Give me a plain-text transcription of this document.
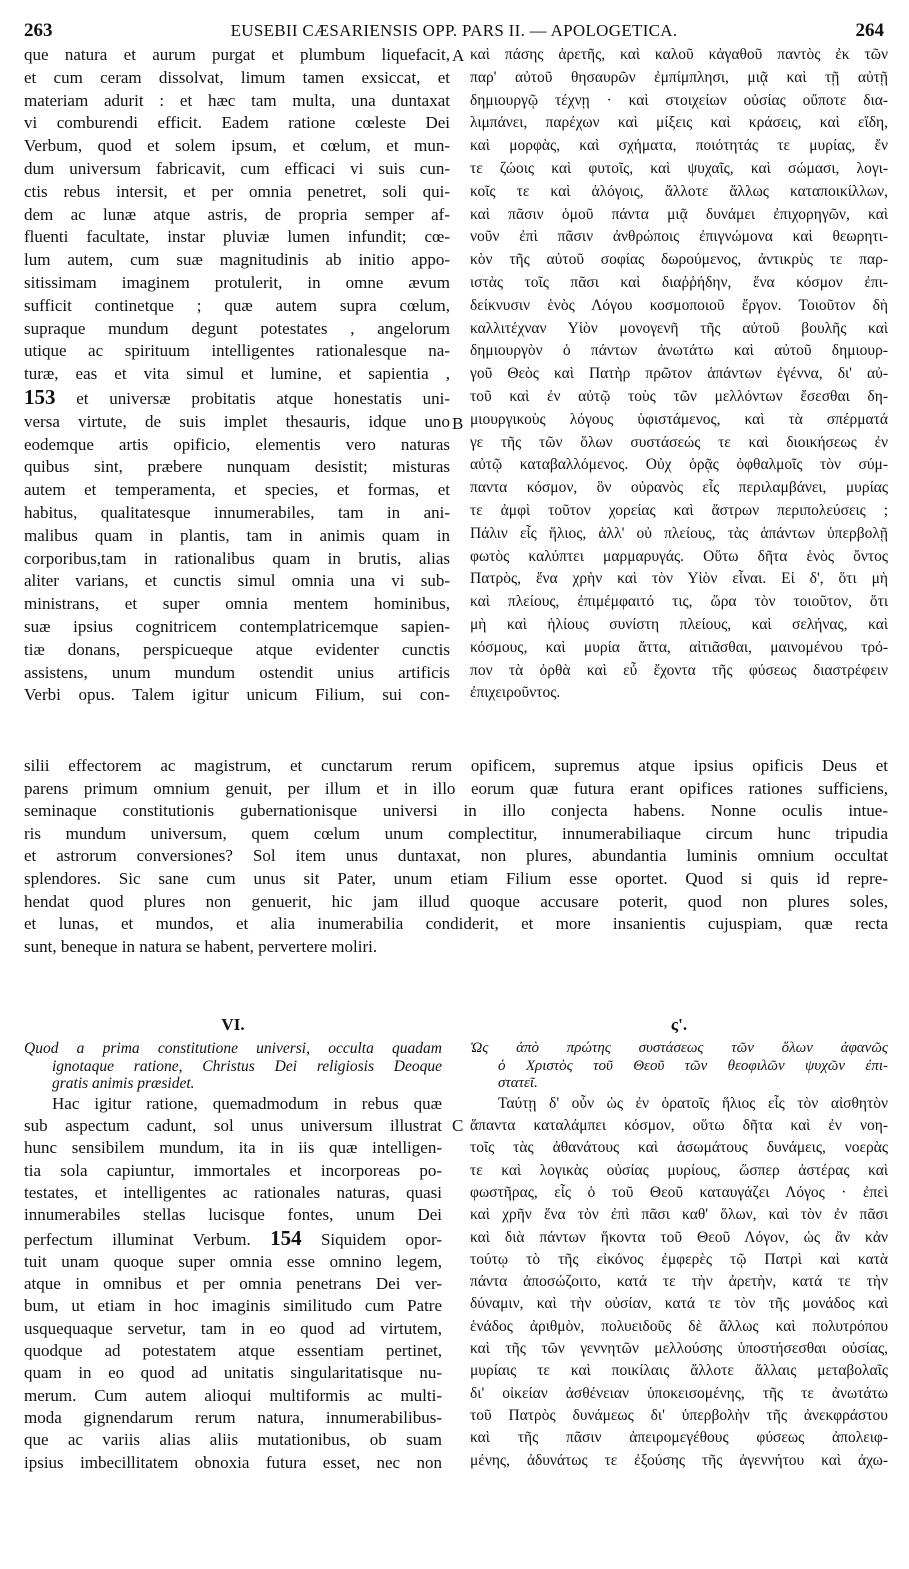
263	EUSEBII CÆSARIENSIS OPP. PARS II. — APOLOGETICA.	264
A
B
C
que natura et aurum purgat et plumbum liquefacit,
et cum ceram dissolvat, limum tamen exsiccat, et
materiam adurit : et hæc tam multa, una duntaxat
vi comburendi efficit. Eadem ratione cœleste Dei
Verbum, quod et solem ipsum, et cœlum, et mun-
dum universum fabricavit, cum efficaci vi suis cun-
ctis rebus intersit, et per omnia penetret, soli qui-
dem ac lunæ atque astris, de propria semper af-
fluenti facultate, instar pluviæ lumen infundit; cœ-
lum autem, cum suæ magnitudinis ab initio appo-
sitissimam imaginem protulerit, in omne ævum
sufficit continetque ; quæ autem supra cœlum,
supraque mundum degunt potestates , angelorum
utique ac spirituum intelligentes rationalesque na-
turæ, eas et vita simul et lumine, et sapientia ,
153 et universæ probitatis atque honestatis uni-
versa virtute, de suis implet thesauris, idque uno
eodemque artis opificio, elementis vero naturas
quibus sint, præbere nunquam desistit; misturas
autem et temperamenta, et species, et formas, et
habitus, qualitatesque innumerabiles, tam in ani-
malibus quam in plantis, tam in animis quam in
corporibus,tam in rationalibus quam in brutis, alias
aliter varians, et cunctis simul omnia una vi sub-
ministrans, et super omnia mentem hominibus,
suæ ipsius cognitricem contemplatricemque sapien-
tiæ donans, perspicueque atque evidenter cunctis
assistens, unum mundum ostendit unius artificis
Verbi opus. Talem igitur unicum Filium, sui con-
καὶ πάσης ἀρετῆς, καὶ καλοῦ κἀγαθοῦ παντὸς ἐκ τῶν
παρ' αὐτοῦ θησαυρῶν ἐμπίμπλησι, μιᾷ καὶ τῇ αὐτῇ
δημιουργῷ τέχνῃ · καὶ στοιχείων οὐσίας οὔποτε δια-
λιμπάνει, παρέχων καὶ μίξεις καὶ κράσεις, καὶ εἴδη,
καὶ μορφὰς, καὶ σχήματα, ποιότητάς τε μυρίας, ἔν
τε ζώοις καὶ φυτοῖς, καὶ ψυχαῖς, καὶ σώμασι, λογι-
κοῖς τε καὶ ἀλόγοις, ἄλλοτε ἄλλως καταποικίλλων,
καὶ πᾶσιν ὁμοῦ πάντα μιᾷ δυνάμει ἐπιχορηγῶν, καὶ
νοῦν ἐπὶ πᾶσιν ἀνθρώποις ἐπιγνώμονα καὶ θεωρητι-
κὸν τῆς αὐτοῦ σοφίας δωρούμενος, ἀντικρὺς τε παρ-
ιστὰς τοῖς πᾶσι καὶ διαῤῥήδην, ἕνα κόσμον ἐπι-
δείκνυσιν ἑνὸς Λόγου κοσμοποιοῦ ἔργον. Τοιοῦτον δὴ
καλλιτέχναν Υἱὸν μονογενῆ τῆς αὐτοῦ βουλῆς καὶ
δημιουργὸν ὁ πάντων ἀνωτάτω καὶ αὐτοῦ δημιουρ-
γοῦ Θεὸς καὶ Πατὴρ πρῶτον ἁπάντων ἐγέννα, δι' αὐ-
τοῦ καὶ ἐν αὐτῷ τοὺς τῶν μελλόντων ἔσεσθαι δη-
μιουργικοὺς λόγους ὑφιστάμενος, καὶ τὰ σπέρματά
γε τῆς τῶν ὅλων συστάσεώς τε καὶ διοικήσεως ἐν
αὐτῷ καταβαλλόμενος. Οὐχ ὁρᾷς ὀφθαλμοῖς τὸν σύμ-
παντα κόσμον, ὃν οὐρανὸς εἷς περιλαμβάνει, μυρίας
τε ἀμφὶ τοῦτον χορείας καὶ ἄστρων περιπολεύσεις ;
Πάλιν εἷς ἥλιος, ἀλλ' οὐ πλείους, τὰς ἁπάντων ὑπερβολῇ
φωτὸς καλύπτει μαρμαρυγάς. Οὕτω δῆτα ἑνὸς ὄντος
Πατρὸς, ἕνα χρὴν καὶ τὸν Υἱὸν εἶναι. Εἰ δ', ὅτι μὴ
καὶ πλείους, ἐπιμέμφαιτό τις, ὥρα τὸν τοιοῦτον, ὅτι
μὴ καὶ ἡλίους συνίστη πλείους, καὶ σελήνας, καὶ
κόσμους, καὶ μυρία ἄττα, αἰτιᾶσθαι, μαινομένου τρό-
πον τὰ ὀρθὰ καὶ εὖ ἔχοντα τῆς φύσεως διαστρέφειν
ἐπιχειροῦντος.
silii effectorem ac magistrum, et cunctarum rerum opificem, supremus atque ipsius opificis Deus et
parens primum omnium genuit, per illum et in illo eorum quæ futura erant opifices rationes sufficiens,
seminaque constitutionis gubernationisque universi in illo conjecta habens. Nonne oculis intue-
ris mundum universum, quem cœlum unum complectitur, innumerabiliaque circum hunc tripudia
et astrorum conversiones? Sol item unus duntaxat, non plures, abundantia luminis omnium occultat
splendores. Sic sane cum unus sit Pater, unum etiam Filium esse oportet. Quod si quis id repre-
hendat quod plures non genuerit, hic jam illud quoque accusare poterit, quod non plures soles,
et lunas, et mundos, et alia inumerabilia condiderit, et more insanientis cujuspiam, quæ recta
sunt, beneque in natura se habent, pervertere moliri.
VI.
Quod a prima constitutione universi, occulta quadam
ignotaque ratione, Christus Dei religiosis Deoque
gratis animis præsidet.
Hac igitur ratione, quemadmodum in rebus quæ
sub aspectum cadunt, sol unus universum illustrat
hunc sensibilem mundum, ita in iis quæ intelligen-
tia sola capiuntur, immortales et incorporeas po-
testates, et intelligentes ac rationales naturas, quasi
innumerabiles stellas lucisque fontes, unum Dei
perfectum illuminat Verbum. 154 Siquidem opor-
tuit unam quoque super omnia esse omnino legem,
atque in omnibus et per omnia penetrans Dei ver-
bum, ut etiam in hoc imaginis similitudo cum Patre
usquequaque servetur, tam in eo quod ad virtutem,
quodque ad potestatem atque essentiam pertinet,
quam in eo quod ad unitatis singularitatisque nu-
merum. Cum autem alioqui multiformis ac multi-
moda gignendarum rerum natura, innumerabilibus-
que ac variis alias aliis mutationibus, ob suam
ipsius imbecillitatem obnoxia futura esset, nec non
ς'.
Ὡς ἀπὸ πρώτης συστάσεως τῶν ὅλων ἀφανῶς
ὁ Χριστὸς τοῦ Θεοῦ τῶν θεοφιλῶν ψυχῶν ἐπι-
στατεῖ.
Ταύτῃ δ' οὖν ὡς ἐν ὁρατοῖς ἥλιος εἷς τὸν αἰσθητὸν
ἅπαντα καταλάμπει κόσμον, οὕτω δῆτα καὶ ἐν νοη-
τοῖς τὰς ἀθανάτους καὶ ἀσωμάτους δυνάμεις, νοερὰς
τε καὶ λογικὰς οὐσίας μυρίους, ὥσπερ ἀστέρας καὶ
φωστῆρας, εἷς ὁ τοῦ Θεοῦ καταυγάζει Λόγος · ἐπεὶ
καὶ χρῆν ἕνα τὸν ἐπὶ πᾶσι καθ' ὅλων, καὶ τὸν ἐν πᾶσι
καὶ διὰ πάντων ἥκοντα τοῦ Θεοῦ Λόγον, ὡς ἂν κἀν
τούτῳ τὸ τῆς εἰκόνος ἐμφερὲς τῷ Πατρὶ καὶ κατὰ
πάντα ἀποσώζοιτο, κατά τε τὴν ἀρετὴν, κατά τε τὴν
δύναμιν, καὶ τὴν οὐσίαν, κατά τε τὸν τῆς μονάδος καὶ
ἑνάδος ἀριθμὸν, πολυειδοῦς δὲ ἄλλως καὶ πολυτρόπου
καὶ τῆς τῶν γεννητῶν μελλούσης ὑποστήσεσθαι οὐσίας,
μυρίαις τε καὶ ποικίλαις ἄλλοτε ἄλλαις μεταβολαῖς
δι' οἰκείαν ἀσθένειαν ὑποκεισομένης, τῆς τε ἀνωτάτω
τοῦ Πατρὸς δυνάμεως δι' ὑπερβολὴν τῆς ἀνεκφράστου
καὶ τῆς πᾶσιν ἀπειρομεγέθους φύσεως ἀπολειφ-
μένης, ἀδυνάτως τε ἐξούσης τῆς ἀγεννήτου καὶ ἀχω-
